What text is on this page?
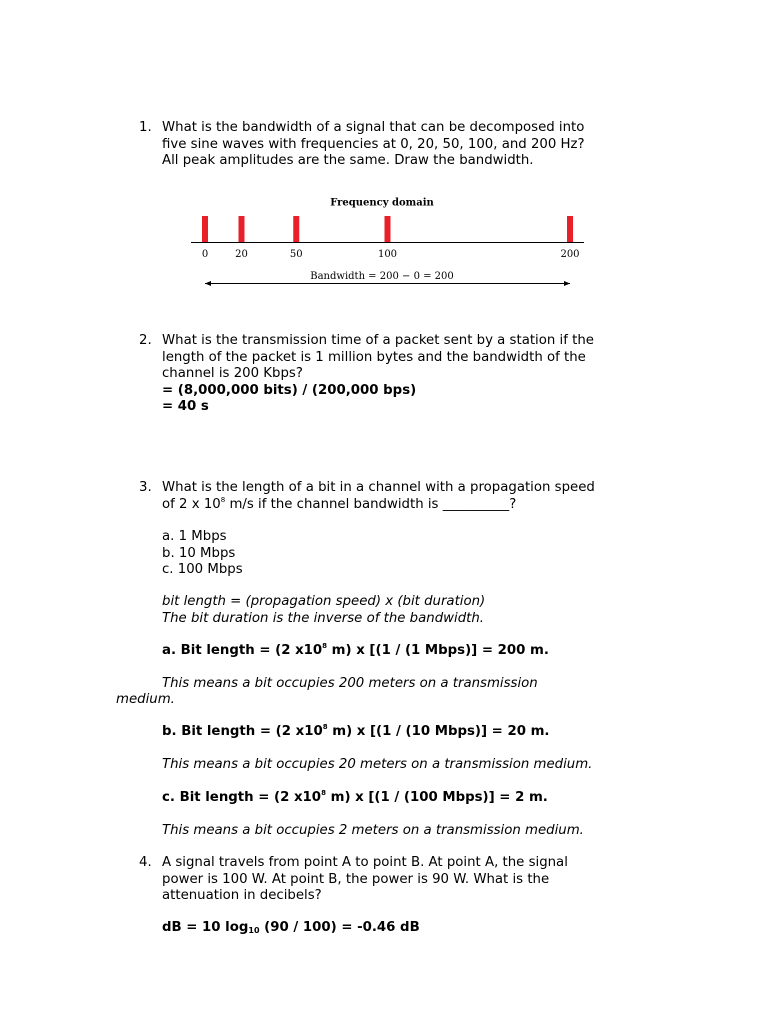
1. What is the bandwidth of a signal that can be decomposed into
five sine waves with frequencies at 0, 20, 50, 100, and 200 Hz?
All peak amplitudes are the same. Draw the bandwidth.
Frequency domain
0	20	50	100	200
Bandwidth = 200 − 0 = 200
2. What is the transmission time of a packet sent by a station if the
length of the packet is 1 million bytes and the bandwidth of the
channel is 200 Kbps?
= (8,000,000 bits) / (200,000 bps)
= 40 s
3. What is the length of a bit in a channel with a propagation speed
of 2 x $10^8$ m/s if the channel bandwidth is __________?
a. 1 Mbps
b. 10 Mbps
c. 100 Mbps
bit length = (propagation speed) x (bit duration)
The bit duration is the inverse of the bandwidth.
a. Bit length = (2 $x10^8$ m) x [(1 / (1 Mbps)] = 200 m.
This means a bit occupies 200 meters on a transmission
medium.
b. Bit length = (2 $x10^8$ m) x [(1 / (10 Mbps)] = 20 m.
This means a bit occupies 20 meters on a transmission medium.
c. Bit length = (2 $x10^8$ m) x [(1 / (100 Mbps)] = 2 m.
This means a bit occupies 2 meters on a transmission medium.
4. A signal travels from point A to point B. At point A, the signal
power is 100 W. At point B, the power is 90 W. What is the
attenuation in decibels?
dB = 10 $\log_{10} (90 / 100) = -0.46$ dB
